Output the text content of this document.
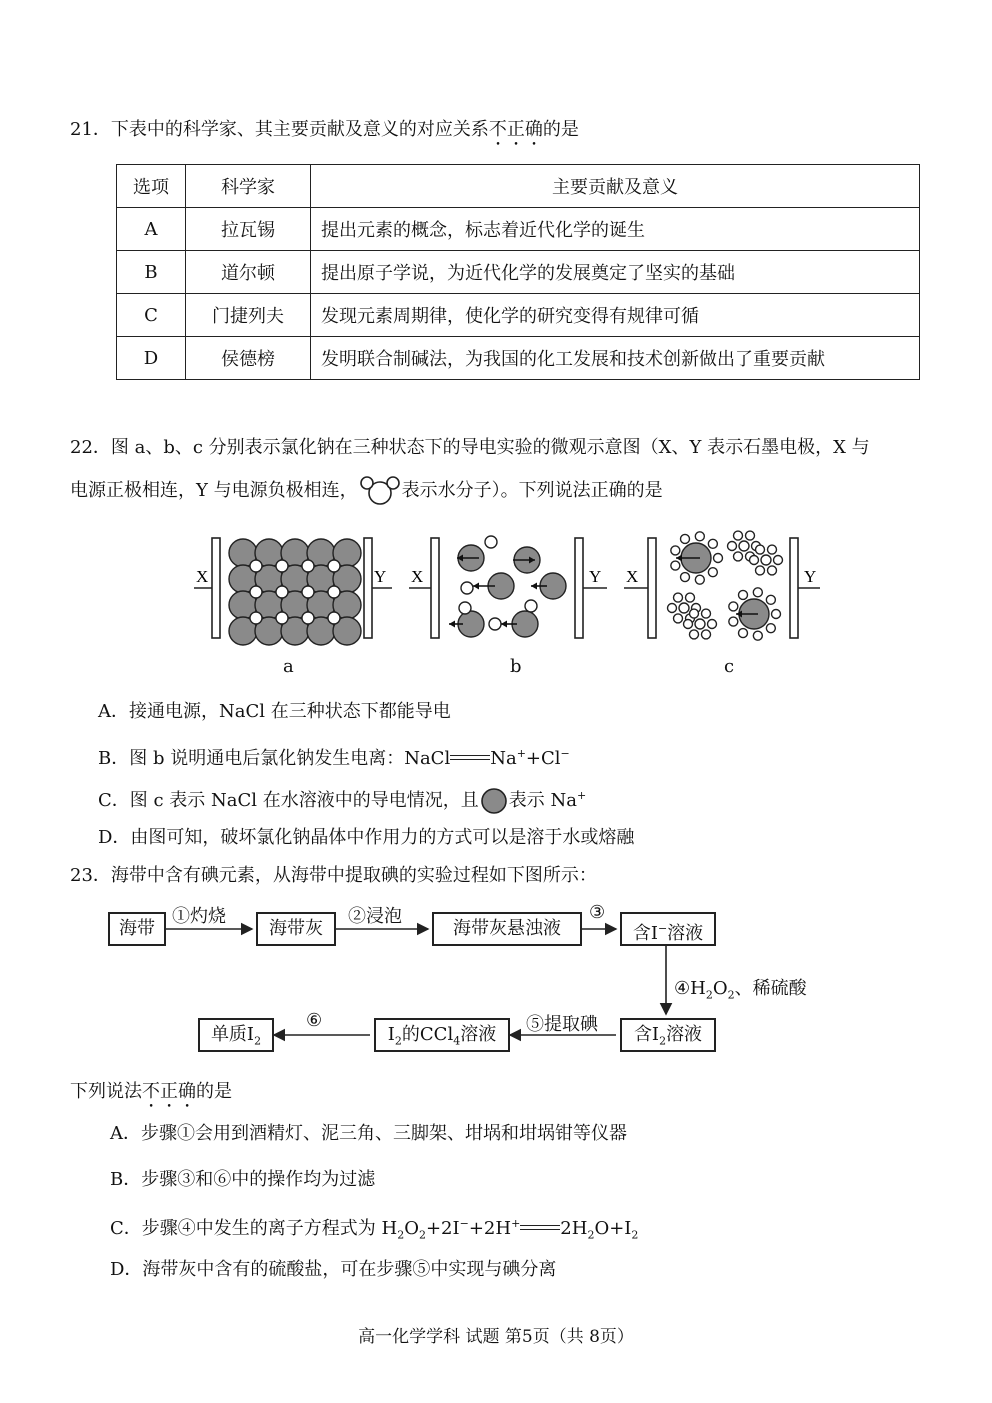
21．下表中的科学家、其主要贡献及意义的对应关系不正确的是
选项	科学家	主要贡献及意义
A	拉瓦锡	提出元素的概念，标志着近代化学的诞生
B	道尔顿	提出原子学说，为近代化学的发展奠定了坚实的基础
C	门捷列夫	发现元素周期律，使化学的研究变得有规律可循
D	侯德榜	发明联合制碱法，为我国的化工发展和技术创新做出了重要贡献
22．图 a、b、c 分别表示氯化钠在三种状态下的导电实验的微观示意图（X、Y 表示石墨电极，X 与
电源正极相连，Y 与电源负极相连， 表示水分子）。下列说法正确的是
X	Y
a
X	Y
b
X	Y
c
A．接通电源，NaCl 在三种状态下都能导电
B．图 b 说明通电后氯化钠发生电离：NaCl Na++Cl−
C．图 c 表示 NaCl 在水溶液中的导电情况，且 表示 Na+
D．由图可知，破坏氯化钠晶体中作用力的方式可以是溶于水或熔融
23．海带中含有碘元素，从海带中提取碘的实验过程如下图所示：
海带	海带灰	海带灰悬浊液	含I−溶液
含$I_2$溶液
$I_2$的CCl$_4$溶液
单质$I_2$
①灼烧	②浸泡	③
$④H_2O_2$、稀硫酸
⑤提取碘
⑥
下列说法不正确的是
A．步骤①会用到酒精灯、泥三角、三脚架、坩埚和坩埚钳等仪器
B．步骤③和⑥中的操作均为过滤
C．步骤④中发生的离子方程式为 $H_2O_2+2I^-+2H^+$ $2H_2O+I_2$
D．海带灰中含有的硫酸盐，可在步骤⑤中实现与碘分离
高一化学学科 试题 第5页（共 8页）
